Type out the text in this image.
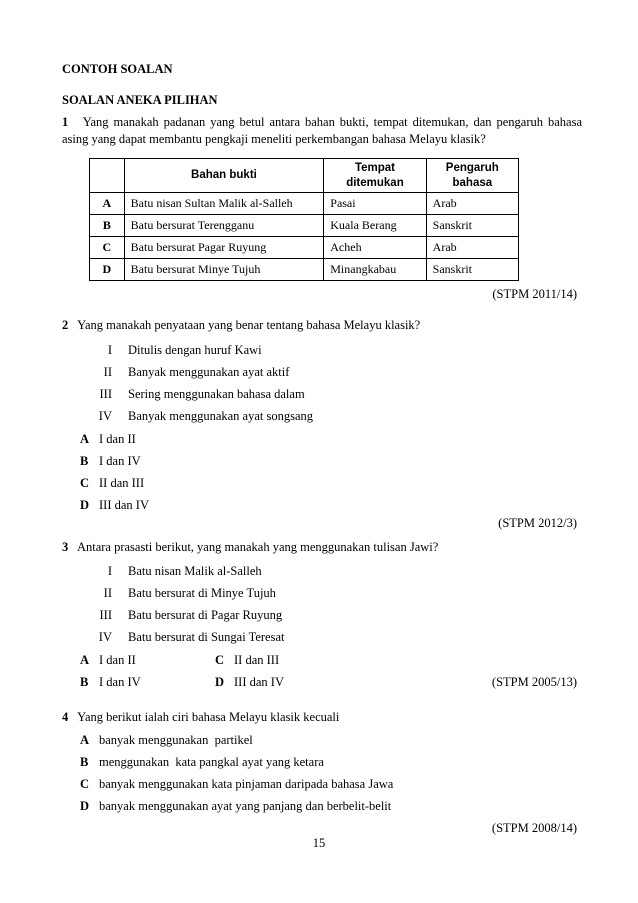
CONTOH SOALAN
SOALAN ANEKA PILIHAN
1 Yang manakah padanan yang betul antara bahan bukti, tempat ditemukan, dan pengaruh bahasa asing yang dapat membantu pengkaji meneliti perkembangan bahasa Melayu klasik?
	Bahan bukti	Tempat ditemukan	Pengaruh bahasa
A	Batu nisan Sultan Malik al-Salleh	Pasai	Arab
B	Batu bersurat Terengganu	Kuala Berang	Sanskrit
C	Batu bersurat Pagar Ruyung	Acheh	Arab
D	Batu bersurat Minye Tujuh	Minangkabau	Sanskrit
(STPM 2011/14)
2 Yang manakah penyataan yang benar tentang bahasa Melayu klasik?
I Ditulis dengan huruf Kawi
II Banyak menggunakan ayat aktif
III Sering menggunakan bahasa dalam
IV Banyak menggunakan ayat songsang
A I dan II
B I dan IV
C II dan III
D III dan IV
(STPM 2012/3)
3 Antara prasasti berikut, yang manakah yang menggunakan tulisan Jawi?
I Batu nisan Malik al-Salleh
II Batu bersurat di Minye Tujuh
III Batu bersurat di Pagar Ruyung
IV Batu bersurat di Sungai Teresat
A I dan II	C II dan III
B I dan IV	D III dan IV	(STPM 2005/13)
4 Yang berikut ialah ciri bahasa Melayu klasik kecuali
A banyak menggunakan  partikel
B menggunakan  kata pangkal ayat yang ketara
C banyak menggunakan kata pinjaman daripada bahasa Jawa
D banyak menggunakan ayat yang panjang dan berbelit-belit
(STPM 2008/14)
15
